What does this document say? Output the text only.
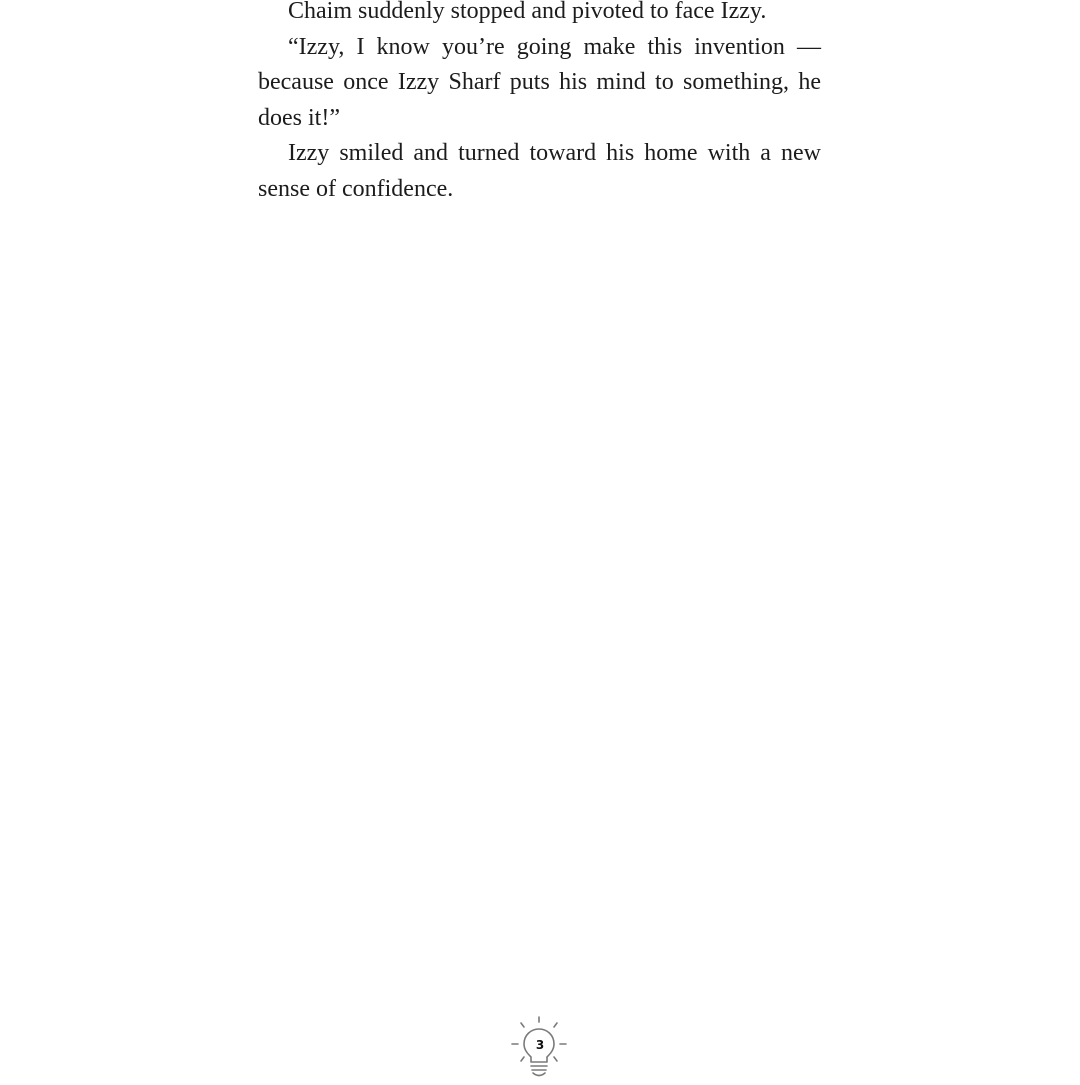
Chaim suddenly stopped and pivoted to face Izzy.

“Izzy, I know you’re going make this invention — because once Izzy Sharf puts his mind to something, he does it!”

Izzy smiled and turned toward his home with a new sense of confidence.

3
